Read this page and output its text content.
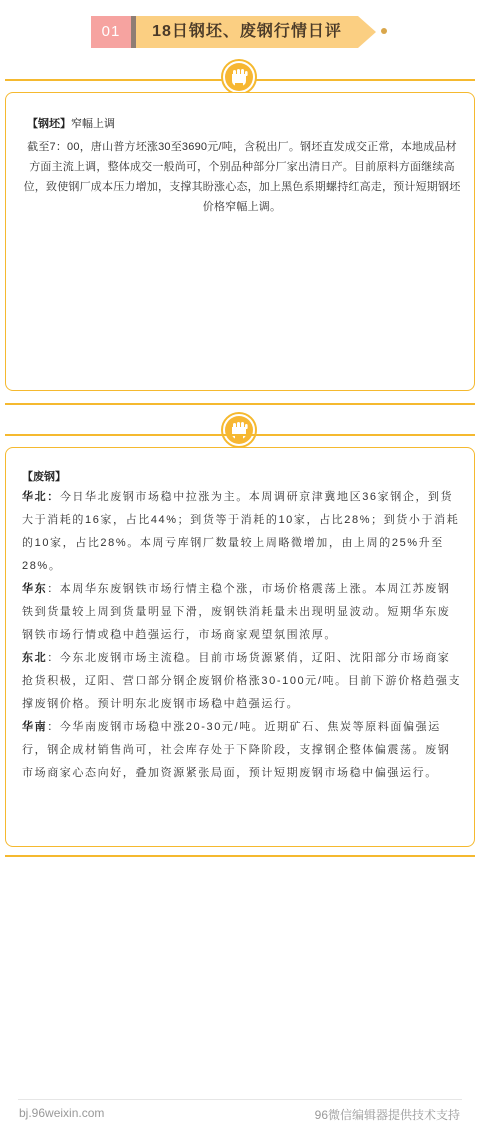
01	18日钢坯、废钢行情日评
【钢坯】窄幅上调
截至7：00，唐山普方坯涨30至3690元/吨，含税出厂。钢坯直发成交正常，本地成品材方面主流上调，整体成交一般尚可，个别品种部分厂家出清日产。目前原料方面继续高位，致使钢厂成本压力增加，支撑其盼涨心态，加上黑色系期螺持红高走，预计短期钢坯价格窄幅上调。
【废钢】
华北：今日华北废钢市场稳中拉涨为主。本周调研京津冀地区36家钢企，到货大于消耗的16家，占比44%；到货等于消耗的10家，占比28%；到货小于消耗的10家，占比28%。本周亏库钢厂数量较上周略微增加，由上周的25%升至28%。
华东：本周华东废钢铁市场行情主稳个涨，市场价格震荡上涨。本周江苏废钢铁到货量较上周到货量明显下滑，废钢铁消耗量未出现明显波动。短期华东废钢铁市场行情或稳中趋强运行，市场商家观望氛围浓厚。
东北：今东北废钢市场主流稳。目前市场货源紧俏，辽阳、沈阳部分市场商家抢货积极，辽阳、营口部分钢企废钢价格涨30-100元/吨。目前下游价格趋强支撑废钢价格。预计明东北废钢市场稳中趋强运行。
华南：今华南废钢市场稳中涨20-30元/吨。近期矿石、焦炭等原料面偏强运行，钢企成材销售尚可，社会库存处于下降阶段，支撑钢企整体偏震荡。废钢市场商家心态向好，叠加资源紧张局面，预计短期废钢市场稳中偏强运行。
bj.96weixin.com	96微信编辑器提供技术支持
